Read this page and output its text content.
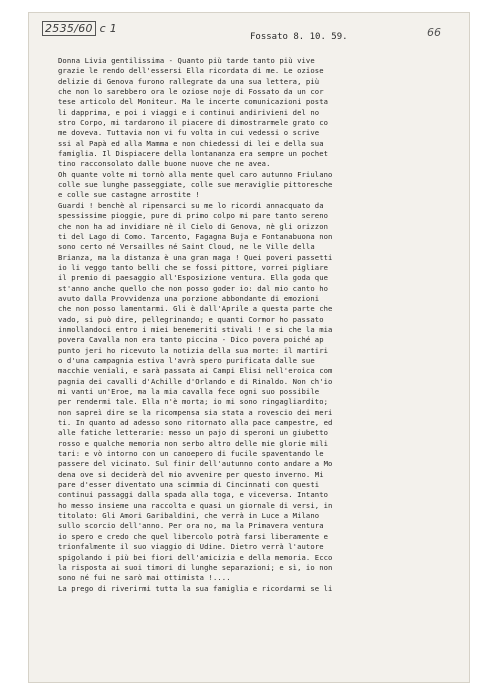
2535/60 c 1	66
Fossato 8. 10. 59.
Donna Livia gentilissima - Quanto più tarde tanto più vive
grazie le rendo dell'essersi Ella ricordata di me. Le oziose
delizie di Genova furono rallegrate da una sua lettera, più
che non lo sarebbero ora le oziose noje di Fossato da un cor
tese articolo del Moniteur. Ma le incerte comunicazioni posta
li dapprima, e poi i viaggi e i continui andirivieni del no
stro Corpo, mi tardarono il piacere di dimostrarmele grato co
me doveva. Tuttavia non vi fu volta in cui vedessi o scrive
ssi al Papà ed alla Mamma e non chiedessi di lei e della sua
famiglia. Il Dispiacere della lontananza era sempre un pochet
tino racconsolato dalle buone nuove che ne avea.
Oh quante volte mi tornò alla mente quel caro autunno Friulano
colle sue lunghe passeggiate, colle sue meraviglie pittoresche
e colle sue castagne arrostite !
Guardi ! benchè al ripensarci su me lo ricordi annacquato da
spessissime pioggie, pure di primo colpo mi pare tanto sereno
che non ha ad invidiare nè il Cielo di Genova, nè gli orizzon
ti del Lago di Como. Tarcento, Fagagna Buja e Fontanabuona non
sono certo né Versailles né Saint Cloud, ne le Ville della
Brianza, ma la distanza è una gran maga ! Quei poveri passetti
io li veggo tanto belli che se fossi pittore, vorrei pigliare
il premio di paesaggio all'Esposizione ventura. Ella goda que
st'anno anche quello che non posso goder io: dal mio canto ho
avuto dalla Provvidenza una porzione abbondante di emozioni
che non posso lamentarmi. Gli è dall'Aprile a questa parte che
vado, si può dire, pellegrinando; e quanti Cormor ho passato
inmollandoci entro i miei benemeriti stivali ! e si che la mia
povera Cavalla non era tanto piccina - Dico povera poiché ap
punto jeri ho ricevuto la notizia della sua morte: il martiri
o d'una campagnia estiva l'avrà spero purificata dalle sue
macchie veniali, e sarà passata ai Campi Elisi nell'eroica com
pagnia dei cavalli d'Achille d'Orlando e di Rinaldo. Non ch'io
mi vanti un'Eroe, ma la mia cavalla fece ogni suo possibile
per rendermi tale. Ella n'è morta; io mi sono ringagliardito;
non sapreì dire se la ricompensa sia stata a rovescio dei meri
ti. In quanto ad adesso sono ritornato alla pace campestre, ed
alle fatiche letterarie: messo un pajo di speroni un giubetto
rosso e qualche memoria non serbo altro delle mie glorie mili
tari: e vò intorno con un canoepero di fucile spaventando le
passere del vicinato. Sul finir dell'autunno conto andare a Mo
dena ove si deciderà del mio avvenire per questo inverno. Mi
pare d'esser diventato una scimmia di Cincinnati con questi
continui passaggi dalla spada alla toga, e viceversa. Intanto
ho messo insieme una raccolta e quasi un giornale di versi, in
titolato: Gli Amori Garibaldini, che verrà in Luce a Milano
sullo scorcio dell'anno. Per ora no, ma la Primavera ventura
io spero e credo che quel libercolo potrà farsi liberamente e
trionfalmente il suo viaggio di Udine. Dietro verrà l'autore
spigolando i più bei fiori dell'amicizia e della memoria. Ecco
la risposta ai suoi timori di lunghe separazioni; e sì, io non
sono né fui ne sarò mai ottimista !....
La prego di riverirmi tutta la sua famiglia e ricordarmi se li
